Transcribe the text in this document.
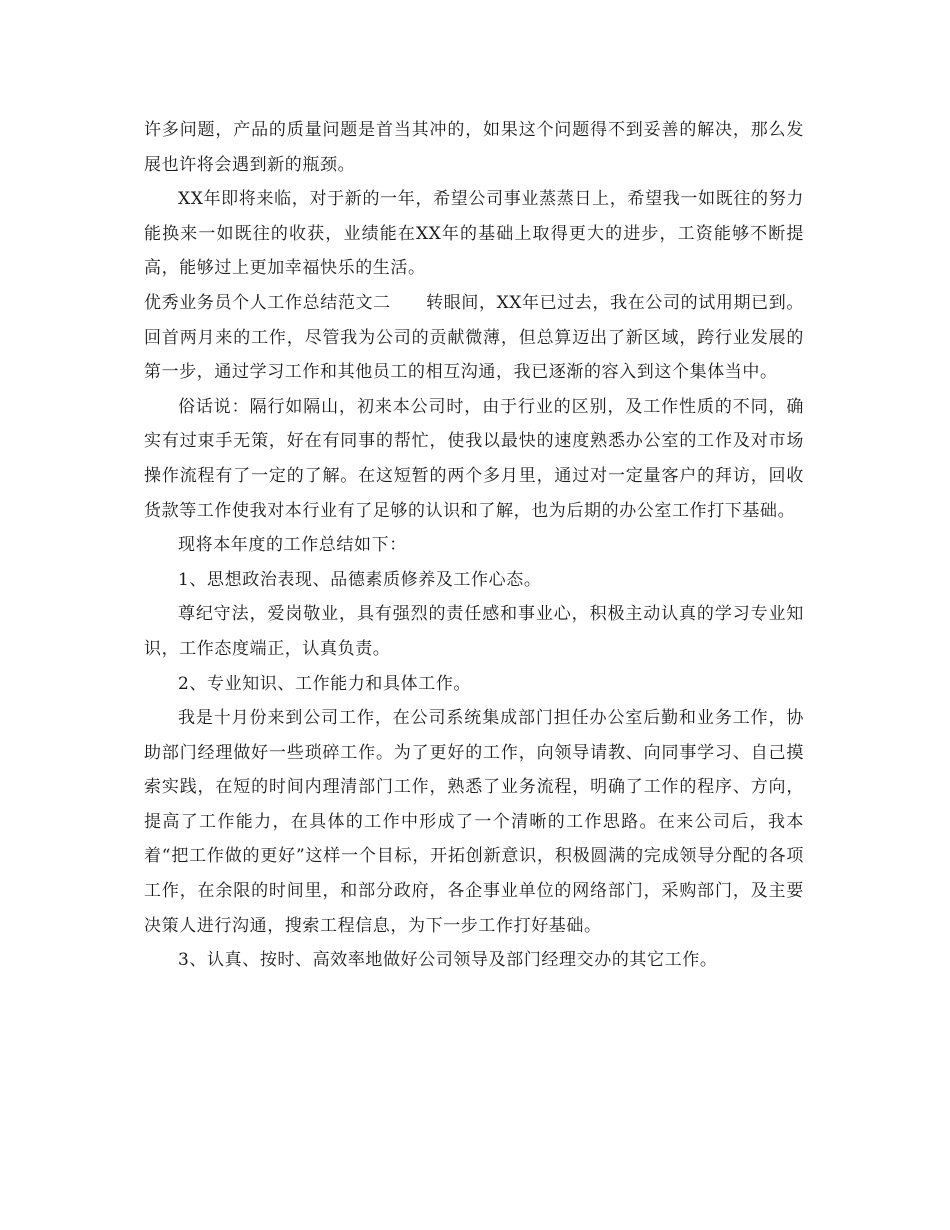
许多问题，产品的质量问题是首当其冲的，如果这个问题得不到妥善的解决，那么发展也许将会遇到新的瓶颈。

XX年即将来临，对于新的一年，希望公司事业蒸蒸日上，希望我一如既往的努力能换来一如既往的收获，业绩能在XX年的基础上取得更大的进步，工资能够不断提高，能够过上更加幸福快乐的生活。

优秀业务员个人工作总结范文二　　 转眼间，XX年已过去，我在公司的试用期已到。回首两月来的工作，尽管我为公司的贡献微薄，但总算迈出了新区域，跨行业发展的第一步，通过学习工作和其他员工的相互沟通，我已逐渐的容入到这个集体当中。

俗话说：隔行如隔山，初来本公司时，由于行业的区别，及工作性质的不同，确实有过束手无策，好在有同事的帮忙，使我以最快的速度熟悉办公室的工作及对市场操作流程有了一定的了解。在这短暂的两个多月里，通过对一定量客户的拜访，回收货款等工作使我对本行业有了足够的认识和了解，也为后期的办公室工作打下基础。

现将本年度的工作总结如下：

1、思想政治表现、品德素质修养及工作心态。

尊纪守法，爱岗敬业，具有强烈的责任感和事业心，积极主动认真的学习专业知识，工作态度端正，认真负责。

2、专业知识、工作能力和具体工作。

我是十月份来到公司工作，在公司系统集成部门担任办公室后勤和业务工作，协助部门经理做好一些琐碎工作。为了更好的工作，向领导请教、向同事学习、自己摸索实践，在短的时间内理清部门工作，熟悉了业务流程，明确了工作的程序、方向，提高了工作能力，在具体的工作中形成了一个清晰的工作思路。在来公司后，我本着“把工作做的更好”这样一个目标，开拓创新意识，积极圆满的完成领导分配的各项工作，在余限的时间里，和部分政府，各企事业单位的网络部门，采购部门，及主要决策人进行沟通，搜索工程信息，为下一步工作打好基础。

3、认真、按时、高效率地做好公司领导及部门经理交办的其它工作。
